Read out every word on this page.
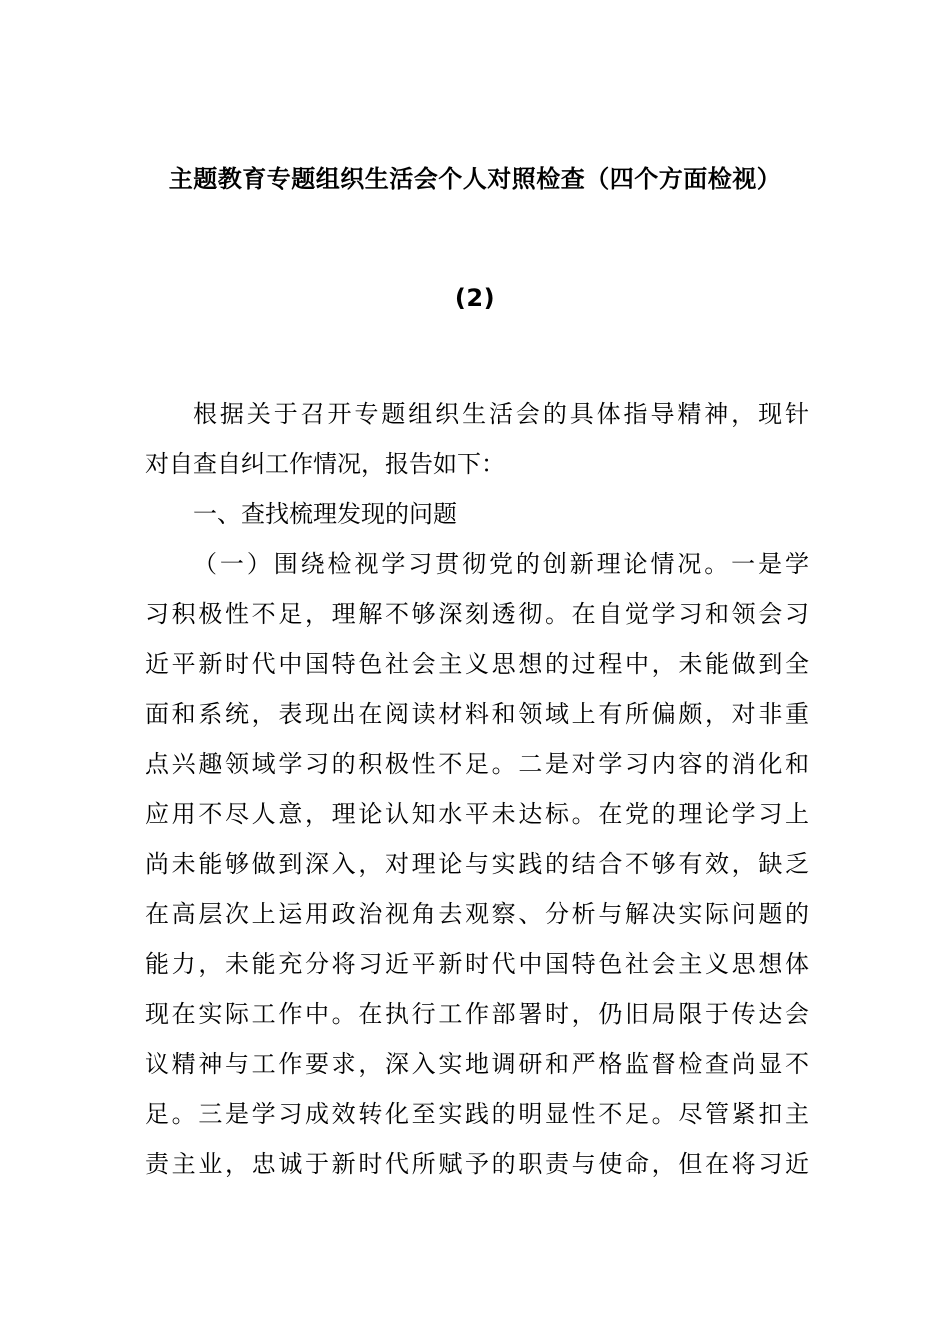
主题教育专题组织生活会个人对照检查（四个方面检视）
(2)
根据关于召开专题组织生活会的具体指导精神，现针
对自查自纠工作情况，报告如下：
一、查找梳理发现的问题
（一）围绕检视学习贯彻党的创新理论情况。一是学
习积极性不足，理解不够深刻透彻。在自觉学习和领会习
近平新时代中国特色社会主义思想的过程中，未能做到全
面和系统，表现出在阅读材料和领域上有所偏颇，对非重
点兴趣领域学习的积极性不足。二是对学习内容的消化和
应用不尽人意，理论认知水平未达标。在党的理论学习上
尚未能够做到深入，对理论与实践的结合不够有效，缺乏
在高层次上运用政治视角去观察、分析与解决实际问题的
能力，未能充分将习近平新时代中国特色社会主义思想体
现在实际工作中。在执行工作部署时，仍旧局限于传达会
议精神与工作要求，深入实地调研和严格监督检查尚显不
足。三是学习成效转化至实践的明显性不足。尽管紧扣主
责主业，忠诚于新时代所赋予的职责与使命，但在将习近
